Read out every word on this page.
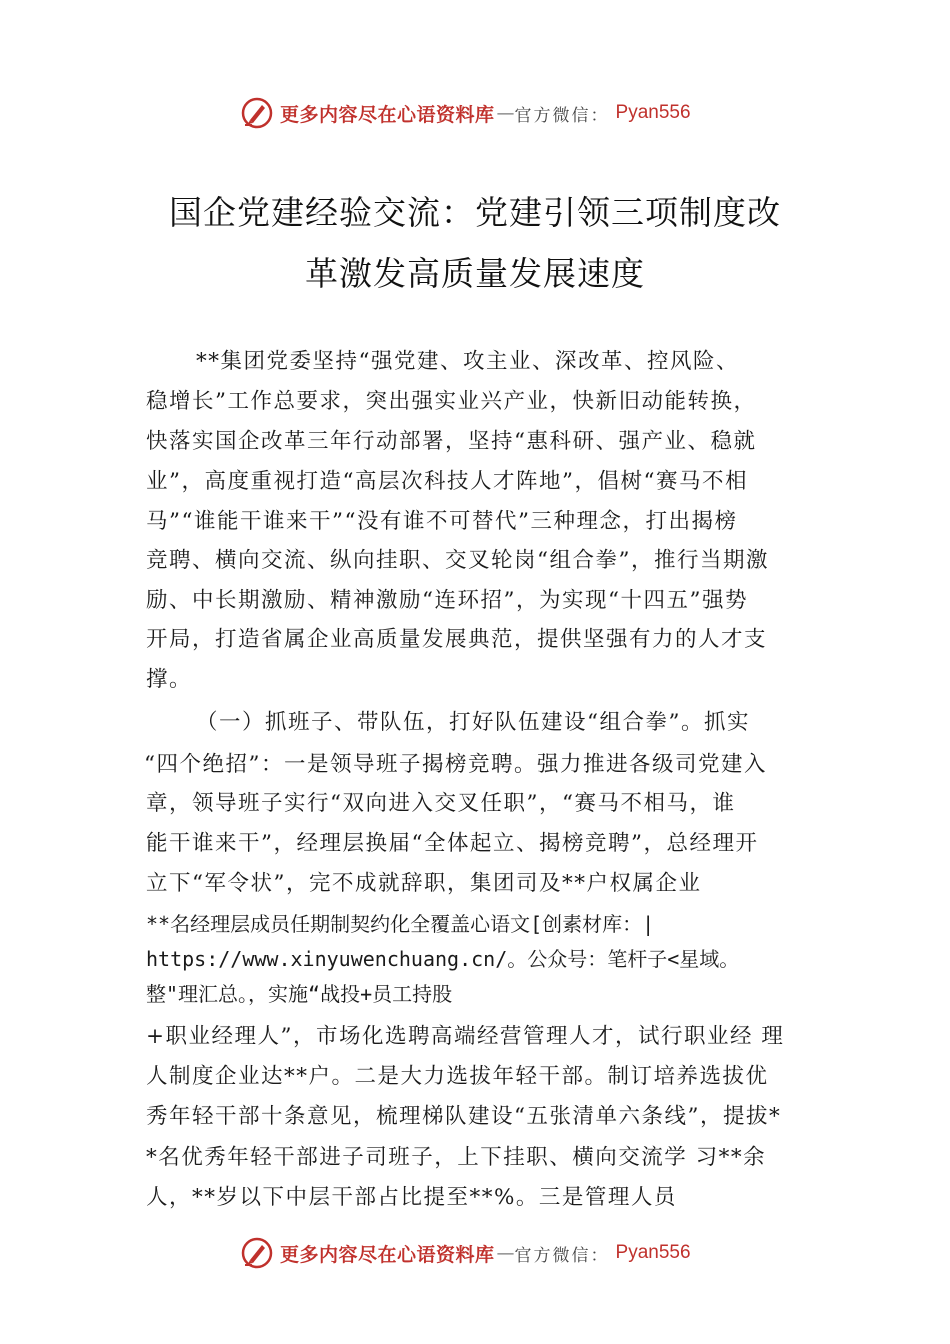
更多内容尽在心语资料库 — 官方微信： Pyan556
国企党建经验交流：党建引领三项制度改
革激发高质量发展速度
**集团党委坚持“强党建、攻主业、深改革、控风险、
稳增长”工作总要求，突出强实业兴产业，快新旧动能转换，
快落实国企改革三年行动部署，坚持“惠科研、强产业、稳就
业”，高度重视打造“高层次科技人才阵地”，倡树“赛马不相
马”“谁能干谁来干”“没有谁不可替代”三种理念，打出揭榜
竞聘、横向交流、纵向挂职、交叉轮岗“组合拳”，推行当期激
励、中长期激励、精神激励“连环招”，为实现“十四五”强势
开局，打造省属企业高质量发展典范，提供坚强有力的人才支
撑。
（一）抓班子、带队伍，打好队伍建设“组合拳”。抓实
“四个绝招”：一是领导班子揭榜竞聘。强力推进各级司党建入
章，领导班子实行“双向进入交叉任职”，“赛马不相马，谁
能干谁来干”，经理层换届“全体起立、揭榜竞聘”，总经理开
立下“军令状”，完不成就辞职，集团司及**户权属企业
**名经理层成员任期制契约化全覆盖心语文[创素材库：|
https://www.xinyuwenchuang.cn/。公众号：笔杆子<星域。
整"理汇总。，实施“战投+员工持股
+职业经理人”，市场化选聘高端经营管理人才，试行职业经 理
人制度企业达**户。二是大力选拔年轻干部。制订培养选拔优
秀年轻干部十条意见，梳理梯队建设“五张清单六条线”，提拔*
*名优秀年轻干部进子司班子，上下挂职、横向交流学 习**余
人，**岁以下中层干部占比提至**%。三是管理人员
更多内容尽在心语资料库 — 官方微信： Pyan556
